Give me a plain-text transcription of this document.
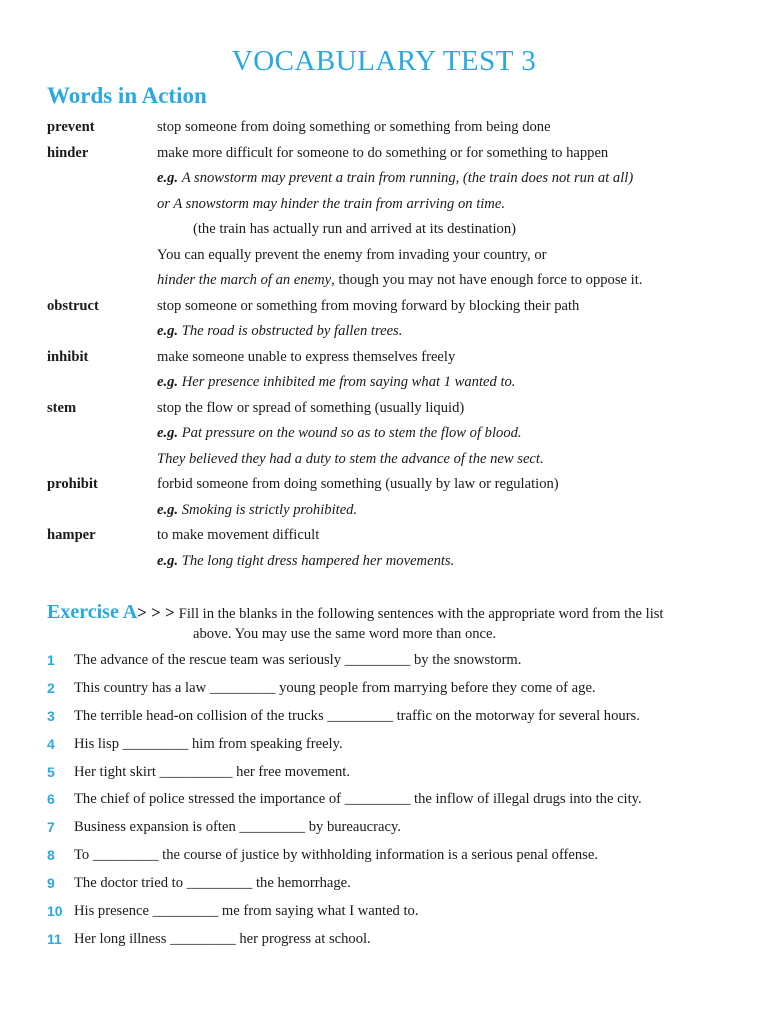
VOCABULARY TEST 3
Words in Action
prevent	stop someone from doing something or something from being done
hinder	make more difficult for someone to do something or for something to happen
e.g. A snowstorm may prevent a train from running, (the train does not run at all)
or A snowstorm may hinder the train from arriving on time.
(the train has actually run and arrived at its destination)
You can equally prevent the enemy from invading your country, or
hinder the march of an enemy, though you may not have enough force to oppose it.
obstruct	stop someone or something from moving forward by blocking their path
e.g. The road is obstructed by fallen trees.
inhibit	make someone unable to express themselves freely
e.g. Her presence inhibited me from saying what 1 wanted to.
stem	stop the flow or spread of something (usually liquid)
e.g. Pat pressure on the wound so as to stem the flow of blood.
They believed they had a duty to stem the advance of the new sect.
prohibit	forbid someone from doing something (usually by law or regulation)
e.g. Smoking is strictly prohibited.
hamper	to make movement difficult
e.g. The long tight dress hampered her movements.
Exercise A> > > Fill in the blanks in the following sentences with the appropriate word from the list
above. You may use the same word more than once.
1 The advance of the rescue team was seriously _________ by the snowstorm.
2 This country has a law _________ young people from marrying before they come of age.
3 The terrible head-on collision of the trucks _________ traffic on the motorway for several hours.
4 His lisp _________ him from speaking freely.
5 Her tight skirt __________ her free movement.
6 The chief of police stressed the importance of _________ the inflow of illegal drugs into the city.
7 Business expansion is often _________ by bureaucracy.
8 To _________ the course of justice by withholding information is a serious penal offense.
9 The doctor tried to _________ the hemorrhage.
10 His presence _________ me from saying what I wanted to.
11 Her long illness _________ her progress at school.
